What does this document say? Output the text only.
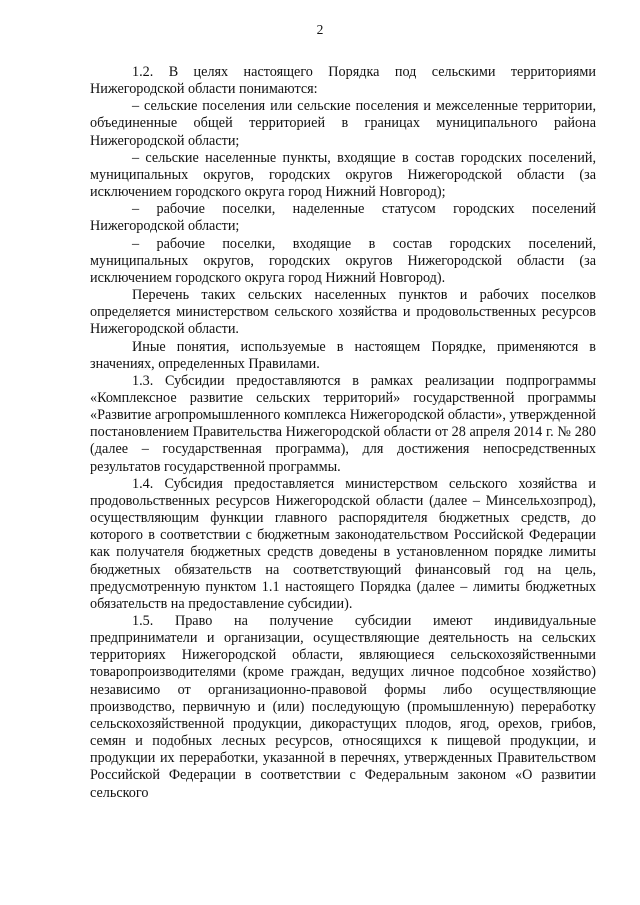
2

1.2. В целях настоящего Порядка под сельскими территориями Нижегородской области понимаются:

– сельские поселения или сельские поселения и межселенные территории, объединенные общей территорией в границах муниципального района Нижегородской области;

– сельские населенные пункты, входящие в состав городских поселений, муниципальных округов, городских округов Нижегородской области (за исключением городского округа город Нижний Новгород);

– рабочие поселки, наделенные статусом городских поселений Нижегородской области;

– рабочие поселки, входящие в состав городских поселений, муниципальных округов, городских округов Нижегородской области (за исключением городского округа город Нижний Новгород).

Перечень таких сельских населенных пунктов и рабочих поселков определяется министерством сельского хозяйства и продовольственных ресурсов Нижегородской области.

Иные понятия, используемые в настоящем Порядке, применяются в значениях, определенных Правилами.

1.3. Субсидии предоставляются в рамках реализации подпрограммы «Комплексное развитие сельских территорий» государственной программы «Развитие агропромышленного комплекса Нижегородской области», утвержденной постановлением Правительства Нижегородской области от 28 апреля 2014 г. № 280 (далее – государственная программа), для достижения непосредственных результатов государственной программы.

1.4. Субсидия предоставляется министерством сельского хозяйства и продовольственных ресурсов Нижегородской области (далее – Минсельхозпрод), осуществляющим функции главного распорядителя бюджетных средств, до которого в соответствии с бюджетным законодательством Российской Федерации как получателя бюджетных средств доведены в установленном порядке лимиты бюджетных обязательств на соответствующий финансовый год на цель, предусмотренную пунктом 1.1 настоящего Порядка (далее – лимиты бюджетных обязательств на предоставление субсидии).

1.5. Право на получение субсидии имеют индивидуальные предприниматели и организации, осуществляющие деятельность на сельских территориях Нижегородской области, являющиеся сельскохозяйственными товаропроизводителями (кроме граждан, ведущих личное подсобное хозяйство) независимо от организационно-правовой формы либо осуществляющие производство, первичную и (или) последующую (промышленную) переработку сельскохозяйственной продукции, дикорастущих плодов, ягод, орехов, грибов, семян и подобных лесных ресурсов, относящихся к пищевой продукции, и продукции их переработки, указанной в перечнях, утвержденных Правительством Российской Федерации в соответствии с Федеральным законом «О развитии сельского
